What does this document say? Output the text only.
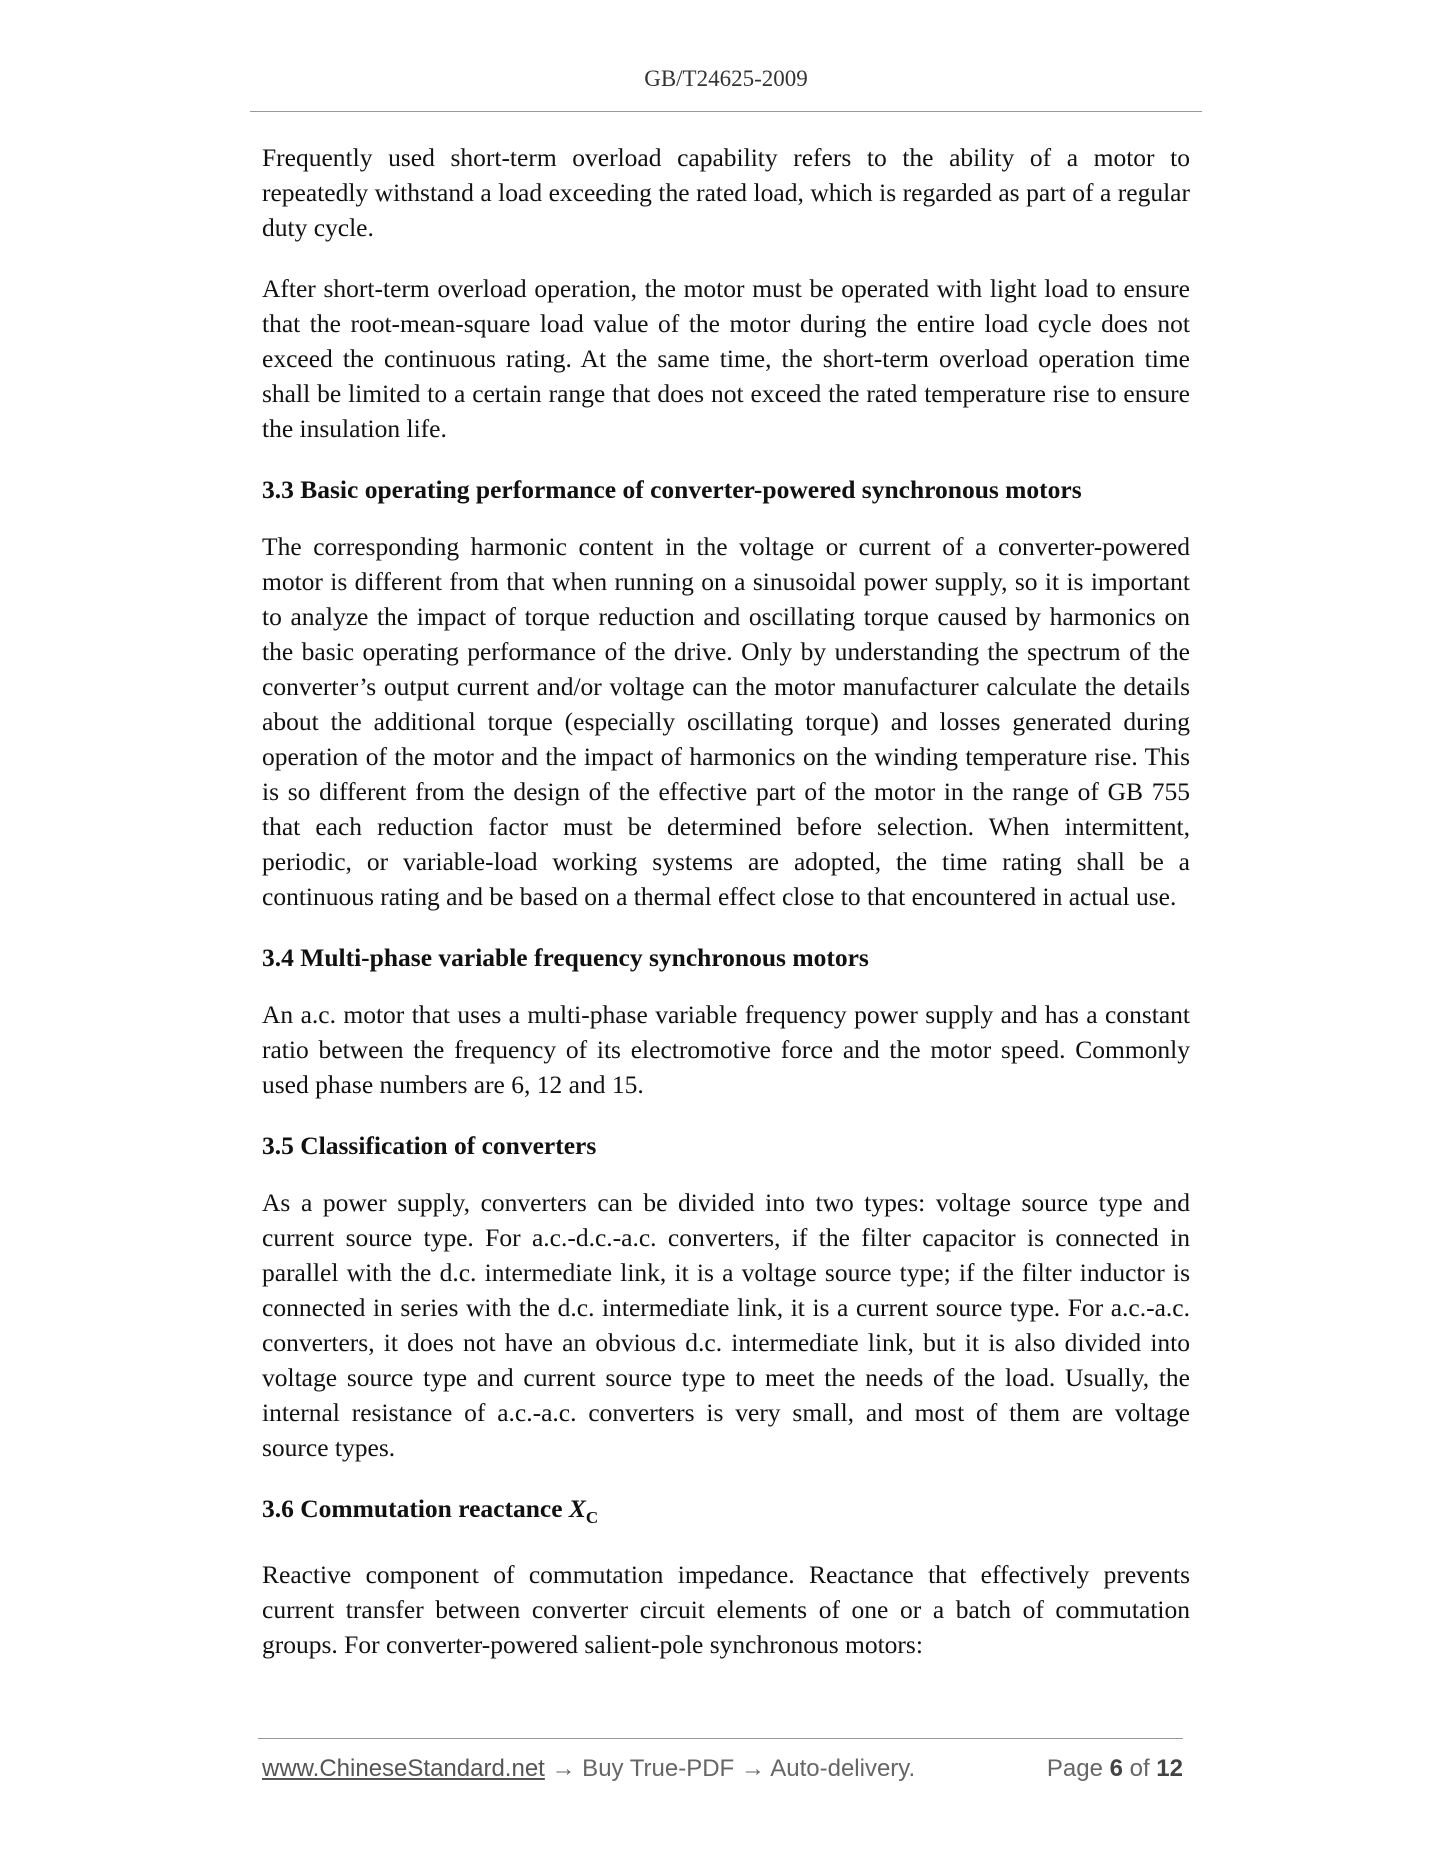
GB/T24625-2009

Frequently used short-term overload capability refers to the ability of a motor to repeatedly withstand a load exceeding the rated load, which is regarded as part of a regular duty cycle.

After short-term overload operation, the motor must be operated with light load to ensure that the root-mean-square load value of the motor during the entire load cycle does not exceed the continuous rating. At the same time, the short-term overload operation time shall be limited to a certain range that does not exceed the rated temperature rise to ensure the insulation life.

3.3 Basic operating performance of converter-powered synchronous motors

The corresponding harmonic content in the voltage or current of a converter-powered motor is different from that when running on a sinusoidal power supply, so it is important to analyze the impact of torque reduction and oscillating torque caused by harmonics on the basic operating performance of the drive. Only by understanding the spectrum of the converter’s output current and/or voltage can the motor manufacturer calculate the details about the additional torque (especially oscillating torque) and losses generated during operation of the motor and the impact of harmonics on the winding temperature rise. This is so different from the design of the effective part of the motor in the range of GB 755 that each reduction factor must be determined before selection. When intermittent, periodic, or variable-load working systems are adopted, the time rating shall be a continuous rating and be based on a thermal effect close to that encountered in actual use.

3.4 Multi-phase variable frequency synchronous motors

An a.c. motor that uses a multi-phase variable frequency power supply and has a constant ratio between the frequency of its electromotive force and the motor speed. Commonly used phase numbers are 6, 12 and 15.

3.5 Classification of converters

As a power supply, converters can be divided into two types: voltage source type and current source type. For a.c.-d.c.-a.c. converters, if the filter capacitor is connected in parallel with the d.c. intermediate link, it is a voltage source type; if the filter inductor is connected in series with the d.c. intermediate link, it is a current source type. For a.c.-a.c. converters, it does not have an obvious d.c. intermediate link, but it is also divided into voltage source type and current source type to meet the needs of the load. Usually, the internal resistance of a.c.-a.c. converters is very small, and most of them are voltage source types.

3.6 Commutation reactance $X_C$

Reactive component of commutation impedance. Reactance that effectively prevents current transfer between converter circuit elements of one or a batch of commutation groups. For converter-powered salient-pole synchronous motors:

www.ChineseStandard.net → Buy True-PDF → Auto-delivery.	Page 6 of 12
